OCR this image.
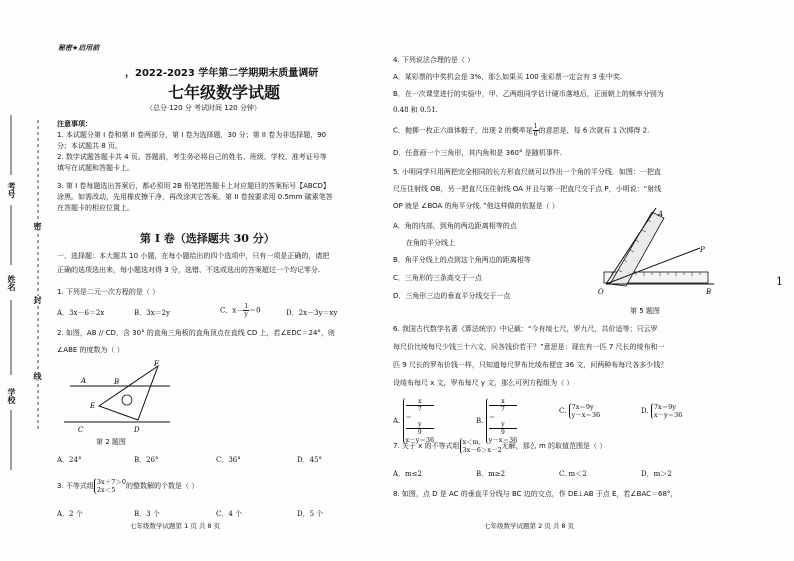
考号
姓名
学校
密
封
线
1
秘密★启用前
，2022-2023 学年第二学期期末质量调研
七年级数学试题
（总分 120 分 考试时间 120 分钟）
注意事项：
1. 本试题分第 I 卷和第 II 卷两部分，第 I 卷为选择题，30 分；第 II 卷为非选择题，90
分；本试题共 8 页。
2. 数学试题答题卡共 4 页。答题前，考生务必将自己的姓名、班级、学校、准考证号等
填写在试题和答题卡上。
3. 第 I 卷每题选出答案后，都必须用 2B 铅笔把答题卡上对应题目的答案标号【ABCD】
涂黑。如需改动，先用橡皮擦干净，再改涂其它答案。第 II 卷按要求用 0.5mm 碳素笔答
在答题卡的相应位置上。
第 I 卷（选择题共 30 分）
一、选择题：本大题共 10 小题，在每小题给出的四个选项中，只有一项是正确的，请把
正确的选项选出来，每小题选对得 3 分，选错、不选或选出的答案超过一个均记零分.
1. 下列是二元一次方程的是（ ）
A．3x－6＝2x	B．3x＝2y	C．$x- \frac{1}{y} =0$	D．2x－3y＝xy
2. 如图，AB // CD，含 30° 的直角三角板的直角顶点在直线 CD 上，若∠EDC＝24°，则
∠ABE 的度数为（ ）
A	B
E
F
C	D
第 2 题图
A．24°	B．26°	C．36°	D．45°
3. 不等式组 3x＋7＞0
2x＜5	的整数解的个数是（ ）
A．2 个	B．3 个	C．4 个	D．5 个
七年级数学试题第 1 页 共 8 页
4. 下列说法合理的是（ ）
A．某彩票的中奖机会是 3%，那么如果买 100 张彩票一定会有 3 张中奖.
B．在一次课堂进行的实验中，甲、乙两组同学估计硬币落地后，正面朝上的频率分别为
0.48 和 0.51.
C．抛掷一枚正六面体骰子，出现 2 的概率是 $\frac{1}{6}$ 的意思是，每 6 次就有 1 次掷得 2.
D．任意画一个三角形，其内角和是 360° 是随机事件.
5. 小明同学只用两把完全相同的长方形直尺就可以作出一个角的平分线．如图：一把直
尺压住射线 OB，另一把直尺压住射线 OA 并且与第一把直尺交于点 P，小明说：“射线
OP 就是 ∠BOA 的角平分线．”他这样做的依据是（ ）
A．角的内部，到角的两边距离相等的点
在角的平分线上
B．角平分线上的点到这个角两边的距离相等
C．三角形的三条高交于一点
D．三角形三边的垂直平分线交于一点	O
A
B
P
第 5 题图
6. 我国古代数学名著《算法统宗》中记载：“今有绫七尺，罗九尺，共价适等；只云罗
每尺价比绫每尺少钱三十六文，问各钱价若干？”意思是：现在有一匹 7 尺长的绫布和一
匹 9 尺长的罗布价钱一样，只知道每尺罗布比绫布便宜 36 文，问两种布每尺各多少钱？
设绫布每尺 x 文，罗布每尺 y 文，那么可列方程组为（ ）
A.
x
7
＝
y
9
x－y＝36
B.
x
7
＝
y
9
y－x＝36
C. 7x＝9y
y－x＝36	D. 7x＝9y
x－y＝36
7. 关于 x 的不等式组 x＜m,
3x－6＞x－2 无解，那么 m 的取值范围是（ ）
A．m≤2	B．m≥2	C. m＜2	D．m＞2
8. 如图，点 D 是 AC 的垂直平分线与 BC 边的交点，作 DE⊥AB 于点 E，若∠BAC＝68°，
七年级数学试题第 2 页 共 8 页
